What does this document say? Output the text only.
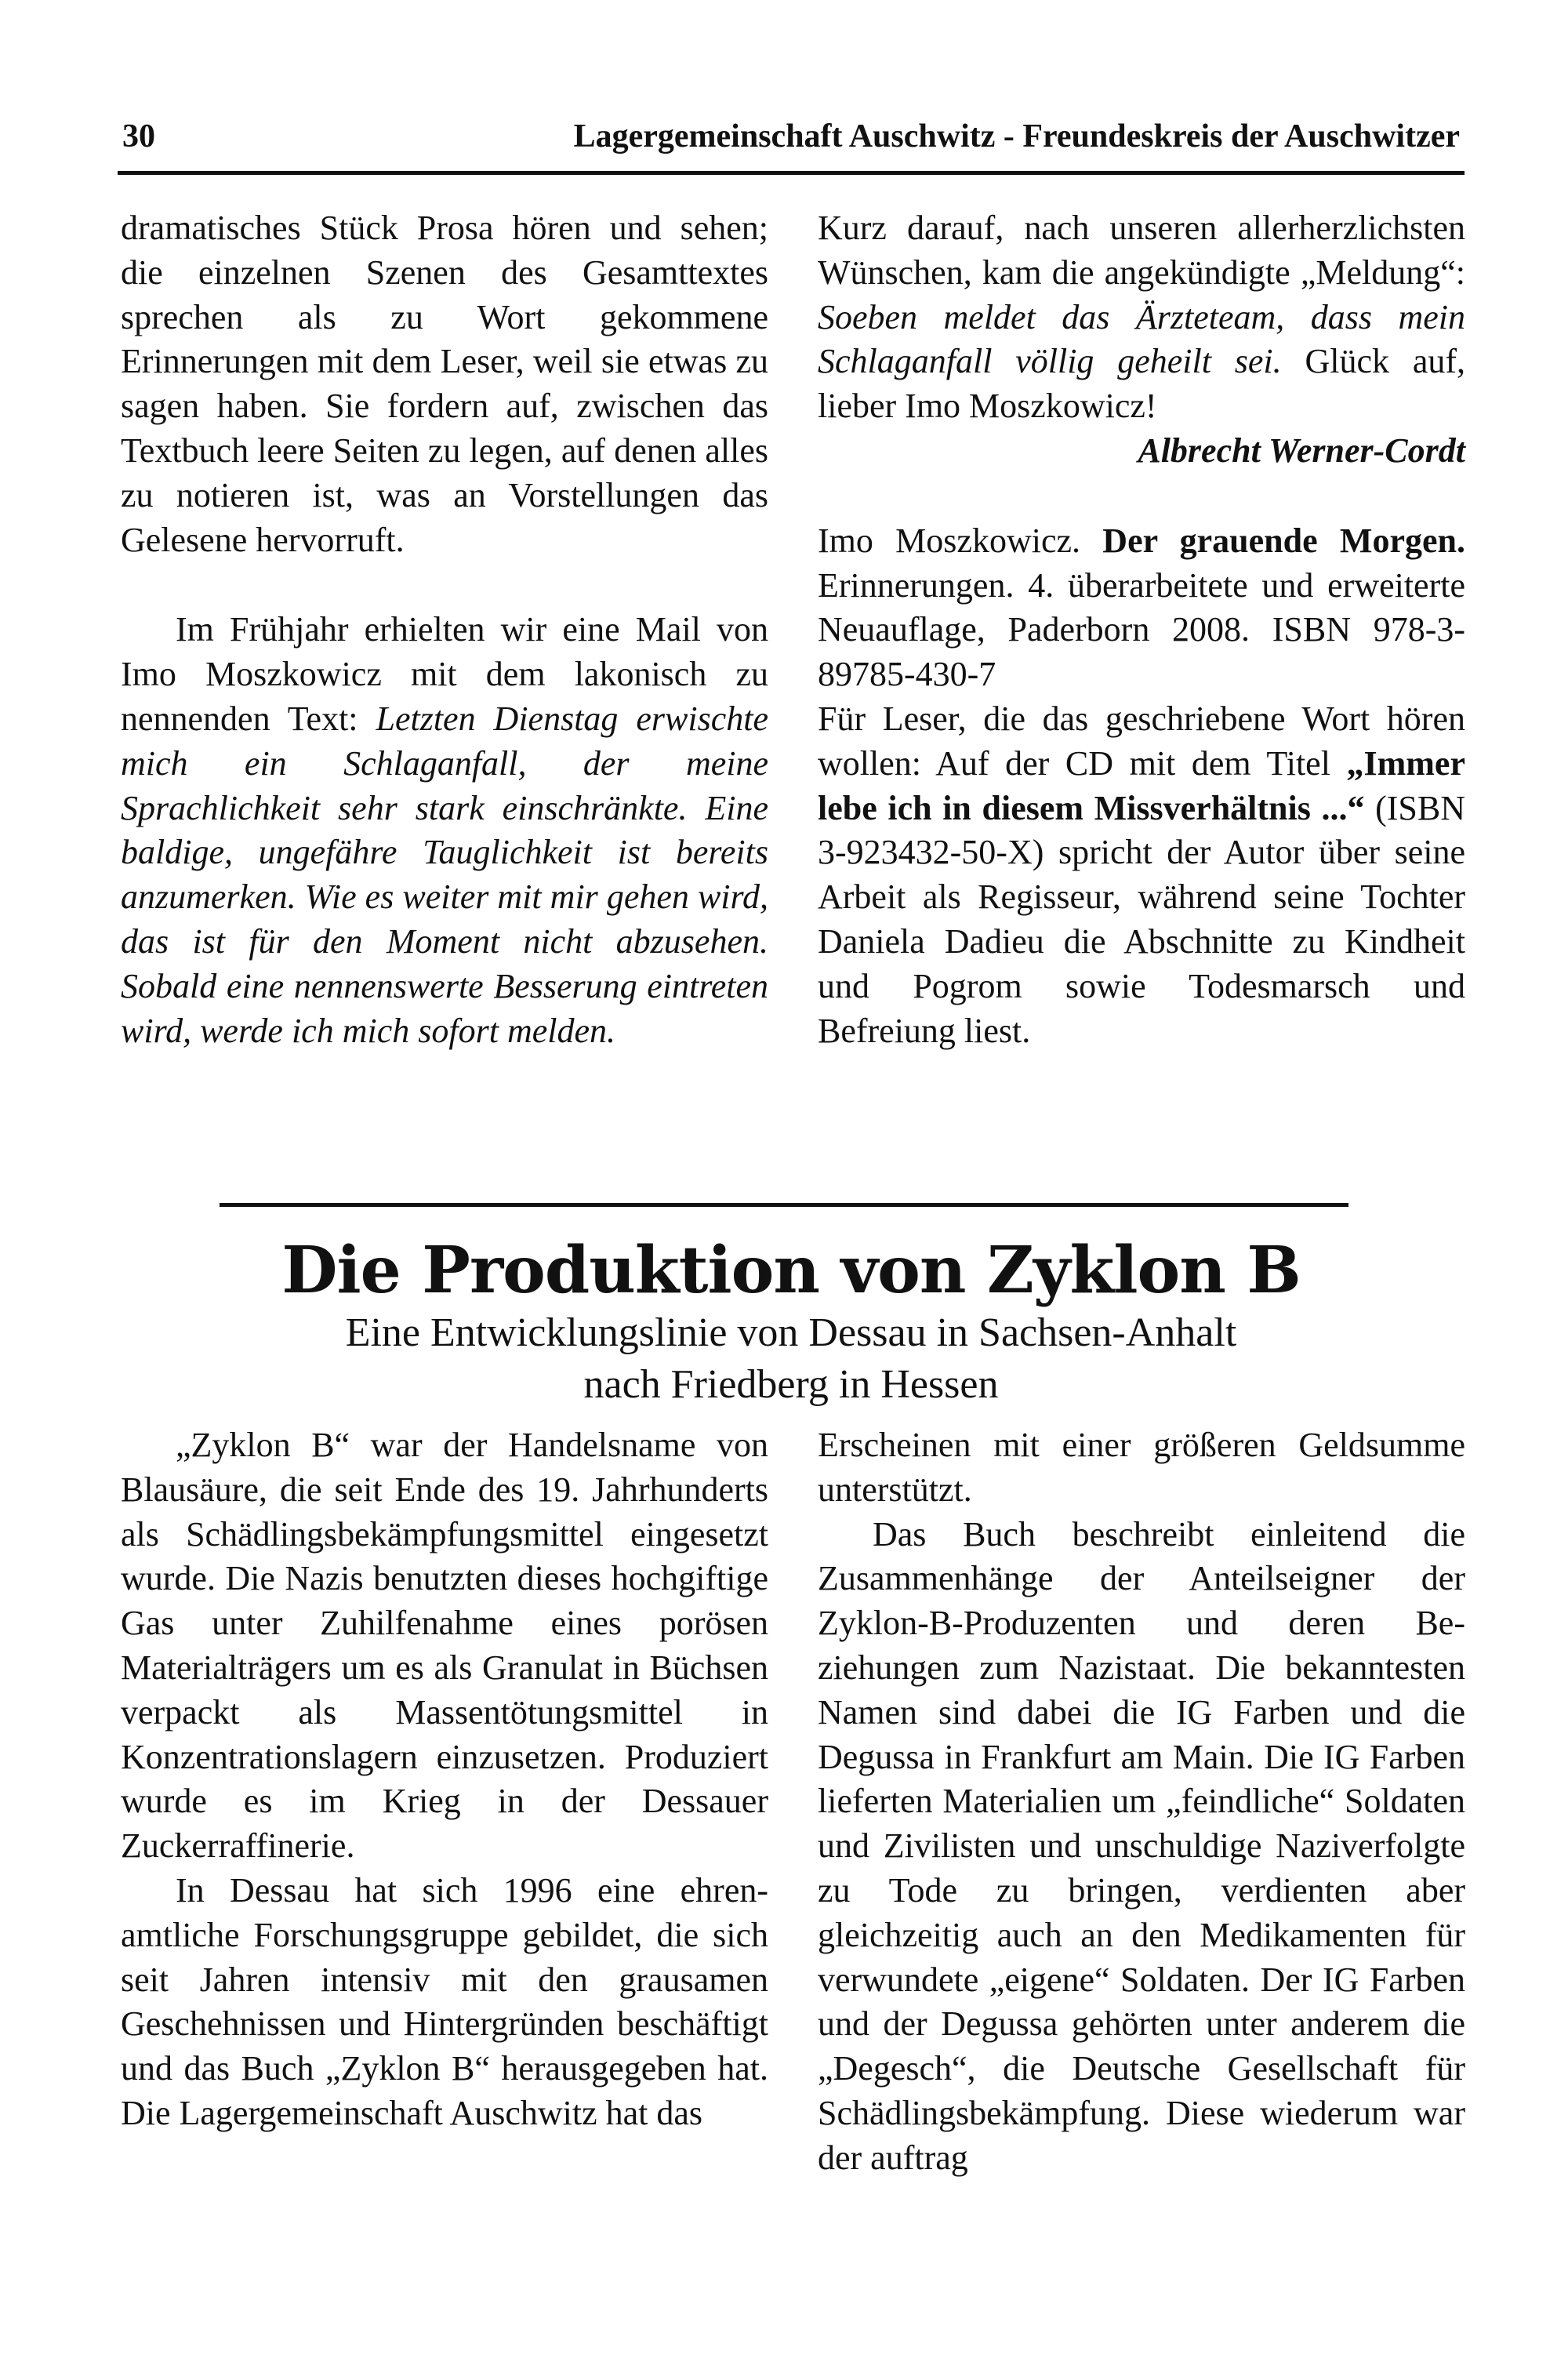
30	Lagergemeinschaft Auschwitz - Freundeskreis der Auschwitzer

dramatisches Stück Prosa hören und sehen; die einzelnen Szenen des Gesamttextes sprechen als zu Wort gekommene Erinnerungen mit dem Leser, weil sie etwas zu sagen haben. Sie fordern auf, zwischen das Textbuch leere Seiten zu legen, auf denen alles zu notieren ist, was an Vorstellungen das Gelesene hervorruft.

Im Frühjahr erhielten wir eine Mail von Imo Moszkowicz mit dem lakonisch zu nennenden Text: Letzten Dienstag erwischte mich ein Schlaganfall, der meine Sprachlichkeit sehr stark einschränkte. Eine baldige, ungefähre Tauglichkeit ist bereits anzumerken. Wie es weiter mit mir gehen wird, das ist für den Moment nicht abzusehen. Sobald eine nennenswerte Besserung eintreten wird, werde ich mich sofort melden.

Kurz darauf, nach unseren allerherzlichsten Wünschen, kam die angekündigte „Meldung“: Soeben meldet das Ärzteteam, dass mein Schlaganfall völlig geheilt sei. Glück auf, lieber Imo Moszkowicz!

Albrecht Werner-Cordt

Imo Moszkowicz. Der grauende Morgen. Erinnerungen. 4. überarbeitete und erweiterte Neuauflage, Paderborn 2008. ISBN 978-3-89785-430-7

Für Leser, die das geschriebene Wort hören wollen: Auf der CD mit dem Titel „Immer lebe ich in diesem Missverhältnis ...“ (ISBN 3-923432-50-X) spricht der Autor über seine Arbeit als Regisseur, während seine Tochter Daniela Dadieu die Abschnitte zu Kindheit und Pogrom sowie Todesmarsch und Befreiung liest.

Die Produktion von Zyklon B
Eine Entwicklungslinie von Dessau in Sachsen-Anhalt
nach Friedberg in Hessen

„Zyklon B“ war der Handelsname von Blausäure, die seit Ende des 19. Jahrhunderts als Schädlingsbekämpfungsmittel eingesetzt wurde. Die Nazis benutzten dieses hochgiftige Gas unter Zuhilfenahme eines porösen Materialträgers um es als Granulat in Büchsen verpackt als Massentötungsmittel in Konzentrationslagern einzusetzen. Produziert wurde es im Krieg in der Dessauer Zuckerraffinerie.

In Dessau hat sich 1996 eine ehrenamtliche Forschungsgruppe gebildet, die sich seit Jahren intensiv mit den grausamen Geschehnissen und Hintergründen beschäftigt und das Buch „Zyklon B“ herausgegeben hat. Die Lagergemeinschaft Auschwitz hat das

Erscheinen mit einer größeren Geldsumme unterstützt.

Das Buch beschreibt einleitend die Zusammenhänge der Anteilseigner der Zyklon-B-Produzenten und deren Beziehungen zum Nazistaat. Die bekanntesten Namen sind dabei die IG Farben und die Degussa in Frankfurt am Main. Die IG Farben lieferten Materialien um „feindliche“ Soldaten und Zivilisten und unschuldige Naziverfolgte zu Tode zu bringen, verdienten aber gleichzeitig auch an den Medikamenten für verwundete „eigene“ Soldaten. Der IG Farben und der Degussa gehörten unter anderem die „Degesch“, die Deutsche Gesellschaft für Schädlingsbekämpfung. Diese wiederum war der auftrag
